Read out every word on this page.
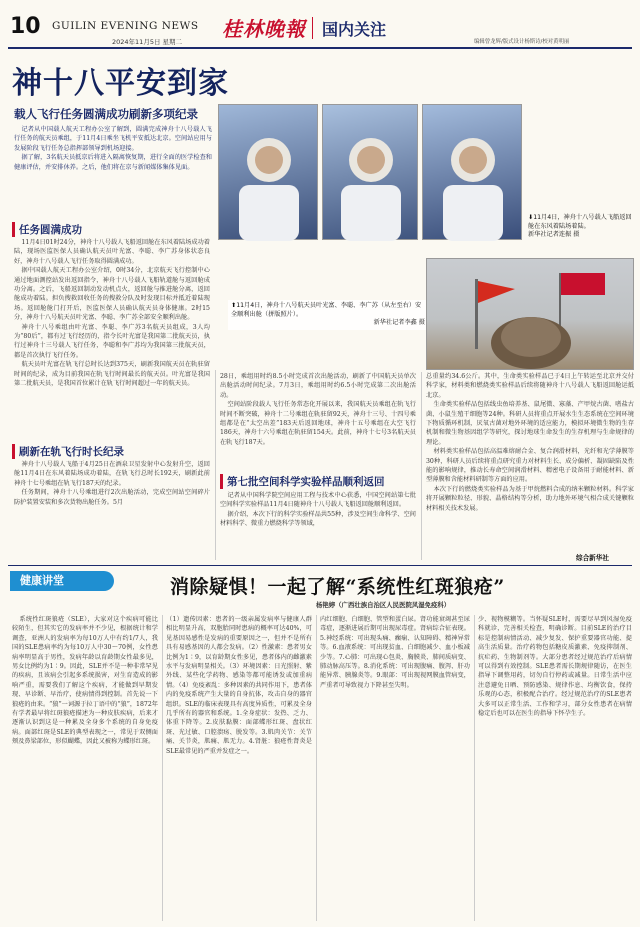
10 GUILIN EVENING NEWS
2024年11月5日 星期二
桂林晚報 国内关注
编辑曾龙辉/版式设计杨斯诗/校对黄明丽
神十八平安到家
载人飞行任务圆满成功刷新多项纪录

记者从中国载人航天工程办公室了解到，圆满完成神舟十八号载人飞行任务的航天员乘组，于11月4日乘坐飞机平安抵达北京。空间站应用与发展阶段飞行任务总指挥部领导到机场迎接。

据了解，3名航天员抵京后将进入隔离恢复期，进行全面的医学检查和健康评估，并安排休养。之后，他们将在京与新闻媒体集体见面。

⬆11月4日，神舟十八号航天员叶光富、李聪、李广苏（从左至右）安全顺利出舱（拼版照片）。

新华社记者李鑫 摄
⬇11月4日，神舟十八号载人飞船返回舱在东风着陆场着陆。

新华社记者连振 摄
任务圆满成功

11月4日01时24分，神舟十八号载人飞船返回舱在东风着陆场成功着陆，现场医监医保人员确认航天员叶光富、李聪、李广苏身体状态良好，神舟十八号载人飞行任务取得圆满成功。

据中国载人航天工程办公室介绍，0时34分，北京航天飞行控制中心通过地面测控站发出返回指令，神舟十八号载人飞船轨道舱与返回舱成功分离。之后，飞船返回制动发动机点火，返回舱与推进舱分离，返回舱成功着陆。担负搜救回收任务的搜救分队及时发现目标并抵近着陆现场。返回舱舱门打开后，医监医保人员确认航天员身体健康。2时15分，神舟十八号航天员叶光富、李聪、李广苏全部安全顺利出舱。

神舟十八号乘组由叶光富、李聪、李广苏3名航天员组成，3人均为“80后”，都有过飞行经历的，指令长叶光富是我国第二批航天员，执行过神舟十三号载人飞行任务，李聪和李广苏均为我国第三批航天员，都是首次执行飞行任务。

航天员叶光富在轨飞行总时长达到375天，刷新我国航天员在轨驻留时间的纪录，成为目前我国在轨飞行时间最长的航天员。叶光富是我国第二批航天员，是我国首位累计在轨飞行时间超过一年的航天员。

刷新在轨飞行时长纪录

神舟十八号载人飞船于4月25日在酒泉卫星发射中心发射升空，返回舱11月4日在东风着陆场成功着陆，在轨飞行总时长192天，刷新此前神舟十七号乘组在轨飞行187天的纪录。

任务期间，神舟十八号乘组进行2次出舱活动，完成空间站空间碎片防护装置安装和多次货物出舱任务。5月

28日，乘组用时约8.5小时完成首次出舱活动，刷新了中国航天员单次出舱活动时间纪录。7月3日，乘组用时约6.5小时完成第二次出舱活动。

空间站阶段载人飞行任务常态化开展以来，我国航天员乘组在轨飞行时间不断突破，神舟十二号乘组在轨驻留92天，神舟十三号、十四号乘组都是在“太空出差”183天后返回地球，神舟十五号乘组在大空飞行186天，神舟十六号乘组在轨驻留154天。此前，神舟十七号3名航天员在轨飞行187天。

第七批空间科学实验样品顺利返回

记者从中国科学院空间应用工程与技术中心获悉，中国空间站第七批空间科学实验样品11月4日随神舟十八号载人飞船返回舱顺利返回。

据介绍，本次下行的科学实验样品共55种，涉及空间生命科学、空间材料科学、微重力燃烧科学等领域，

总重量约34.6公斤。其中，生命类实验样品已于4日上午转运至北京并交付科学家，材料类和燃烧类实验样品后续将随神舟十八号载人飞船返回舱运抵北京。

生命类实验样品包括线虫鱼培养基、鼠尾微、寡藻、产甲烷古菌、嗜盐古菌、小鼠生殖干细胞等24种。科研人员将重点开展水生生态系统在空间环境下物质循环机制，厌氧古菌对地外环境的适应能力，模拟环境微生物的生存机制和微生物基因组学等研究，探讨地球生命发生的生存机理与生命规律的理论。

材料类实验样品包括高温难熔耐合金、复合润滑材料，光纤和光学薄膜等30种，科研人员后续将重点研究重力对材料生长、成分偏析、凝固缺陷及性能的影响规律，推动长寿命空间润滑材料、精密电子设备用于耐能材料、新型薄膜和含能材料研制等方面的应用。

本次下行的燃烧类实验样品为基于甲烷燃料合成的纳米颗粒材料。科学家将开展颗粒粒径、形貌、晶格结构等分析，助力地外环境气相合成关键颗粒材料相关技术发展。

综合新华社
健康讲堂	消除疑惧！一起了解“系统性红斑狼疮”
杨艳婷（广西壮族自治区人民医院风湿免疫科）

系统性红斑狼疮（SLE），大家对这个疾病可能比较陌生，但其实它的发病率并不少见，根据统计和学调查，亚洲人的发病率为每10万人中有约1/7人，我国的SLE患病率约为每10万人中30～70例，女性患病率明显高于男性，发病年龄以育龄期女性最多见，男女比例约为1∶9。因此，SLE并不是一种非常罕见的疾病，且该病会引起多系统损害，对生育造成的影响严重，需要我们了解这个疾病，才能做到早期发现、早诊断、早治疗，使病情得到控制。首先说一下狼疮的由来。“狼”一词源于拉丁语中的“狼”，1872年有学者最早将红斑狼疮描述为一种皮肤疾病，后来才逐渐认识到这是一种累及全身多个系统的自身免疫病。面部红斑是SLE的典型表现之一，常见于双侧面颊及鼻梁部位，形似蝴蝶，因此又被称为蝶形红斑。

（1）遗传因素：患者的一级亲属发病率与健康人群相比明显升高，双胞胎同时患病的概率可达40%，可见基因易感性是发病的重要原因之一，但并不是所有具有易感基因的人都会发病。（2）性激素：患者男女比例为1∶9，以育龄期女性多见，患者体内的雌激素水平与发病明显相关。（3）环境因素：日光照射、紫外线、某些化学药物、感染等都可能诱发或加重病情。（4）免疫紊乱：多种因素的共同作用下，患者体内的免疫系统产生大量的自身抗体，攻击自身的器官组织。SLE的临床表现具有高度异质性，可累及全身几乎所有的器官和系统。1.全身症状：发热、乏力、体重下降等。2.皮肤黏膜：面部蝶形红斑、盘状红斑、光过敏、口腔溃疡、脱发等。3.肌肉关节：关节痛、关节炎，肌痛、肌无力。4.肾脏：狼疮性肾炎是SLE最常见的严重并发症之一。

内红细胞、白细胞、管型和蛋白尿。肾功能衰竭甚至尿毒症，逐渐进展后期可出现尿毒症。肾病综合征表现。5.神经系统：可出现头痛、癫痫、认知障碍、精神异常等。6.血液系统：可出现贫血、白细胞减少、血小板减少等。7.心肺：可出现心包炎、胸膜炎、肺间质病变、肺动脉高压等。8.消化系统：可出现腹痛、腹泻、肝功能异常、胰腺炎等。9.眼部：可出现视网膜血管病变，严重者可导致视力下降甚至失明。

少、视物模糊等。当怀疑SLE时，需要尽早到风湿免疫科就诊，完善相关检查，明确诊断。目前SLE的治疗目标是控制病情活动、减少复发、保护重要器官功能、提高生活质量。治疗药物包括糖皮质激素、免疫抑制剂、抗疟药、生物制剂等。大部分患者经过规范治疗后病情可以得到有效控制。SLE患者需长期规律随访，在医生指导下调整用药，切勿自行停药或减量。日常生活中应注意避免日晒、预防感染、规律作息、均衡饮食，保持乐观的心态，积极配合治疗。经过规范治疗的SLE患者大多可以正常生活、工作和学习，部分女性患者在病情稳定后也可以在医生的指导下怀孕生子。
